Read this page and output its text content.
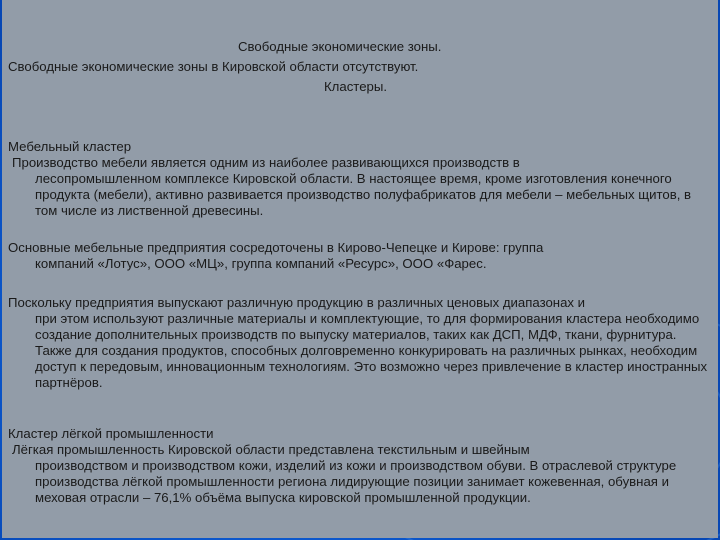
Свободные экономические зоны.
Свободные экономические зоны в Кировской области отсутствуют.
Кластеры.
Мебельный кластер
Производство мебели является одним из наиболее развивающихся производств в
лесопромышленном комплексе Кировской области. В настоящее время, кроме изготовления конечного продукта (мебели), активно развивается производство полуфабрикатов для мебели – мебельных щитов, в том числе из лиственной древесины.
Основные мебельные предприятия сосредоточены в Кирово-Чепецке и Кирове: группа
компаний «Лотус», ООО «МЦ», группа компаний «Ресурс», ООО «Фарес.
Поскольку предприятия выпускают различную продукцию в различных ценовых диапазонах и
при этом используют различные материалы и комплектующие, то для формирования кластера необходимо создание дополнительных производств по выпуску материалов, таких как ДСП, МДФ, ткани, фурнитура. Также для создания продуктов, способных долговременно конкурировать на различных рынках, необходим доступ к передовым, инновационным технологиям. Это возможно через привлечение в кластер иностранных партнёров.
Кластер лёгкой промышленности
Лёгкая промышленность Кировской области представлена текстильным и швейным
производством и производством кожи, изделий из кожи и производством обуви. В отраслевой структуре производства лёгкой промышленности региона лидирующие позиции занимает кожевенная, обувная и меховая отрасли – 76,1% объёма выпуска кировской промышленной продукции.
